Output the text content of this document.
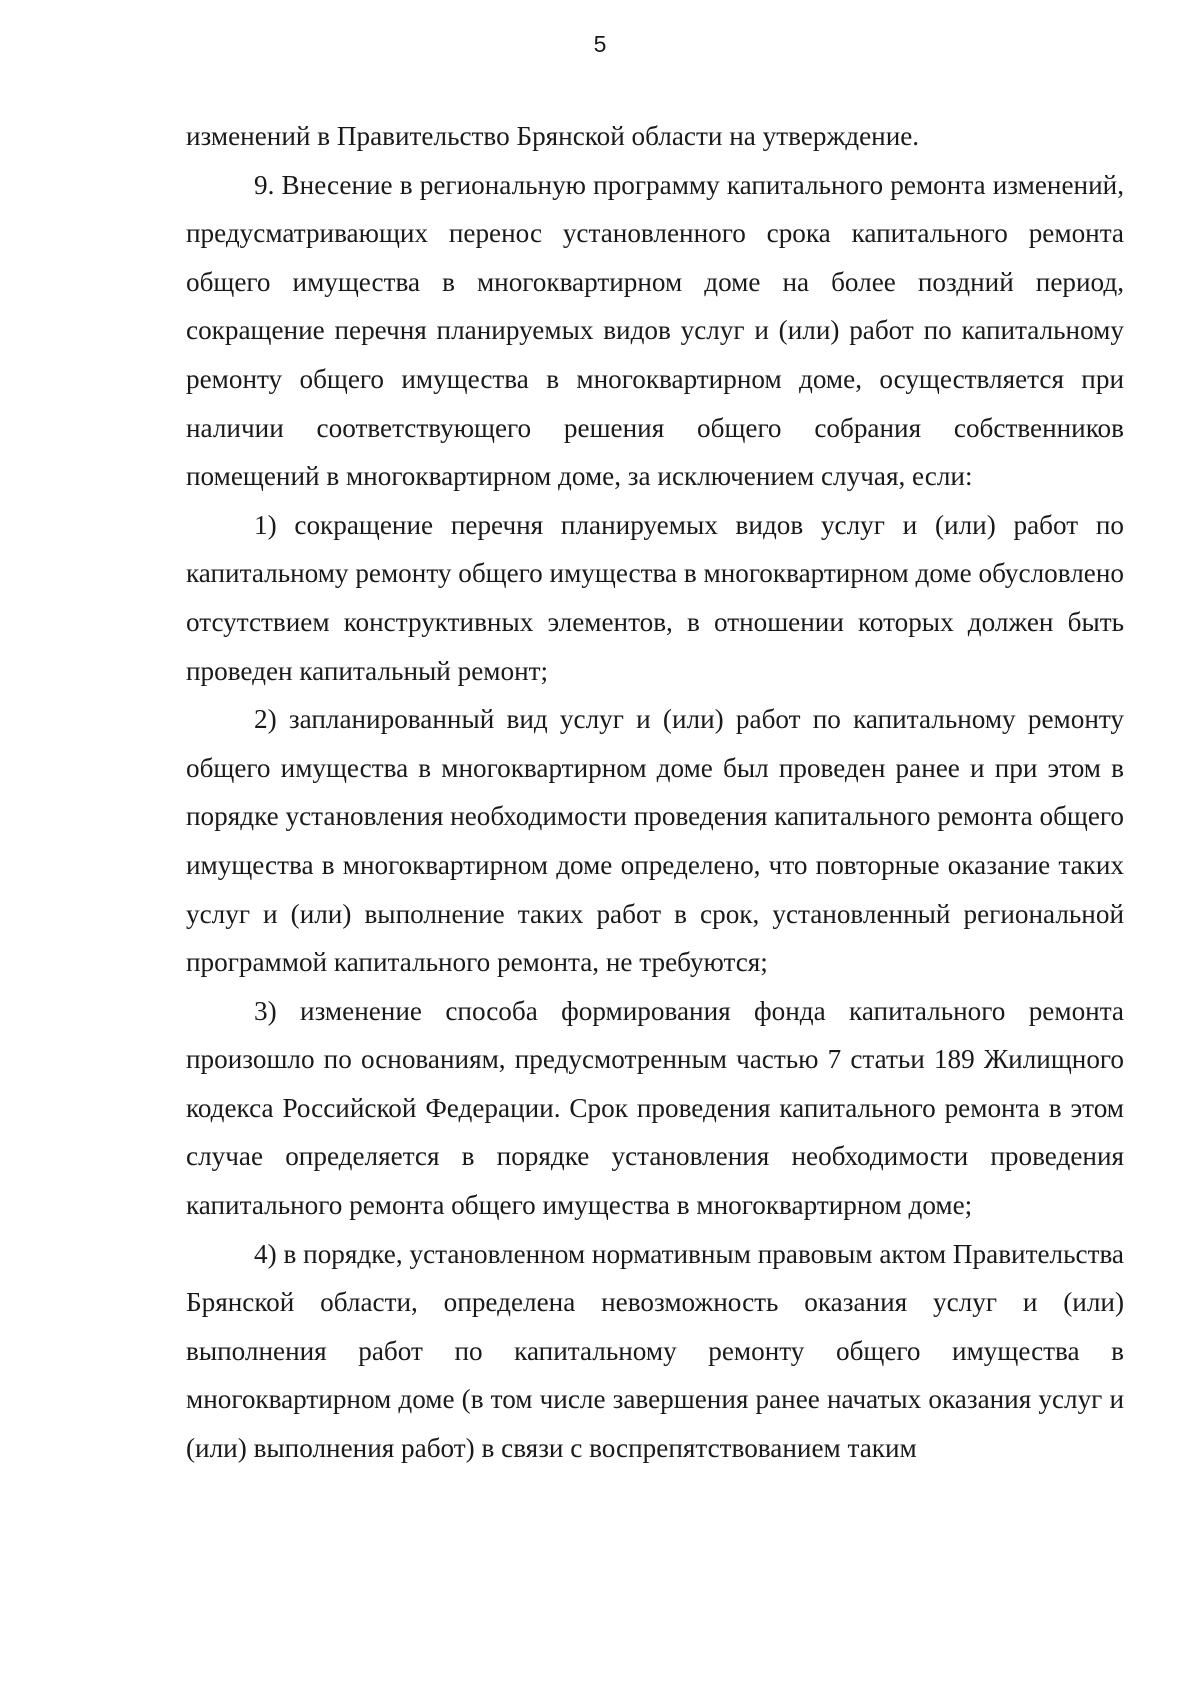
5

изменений в Правительство Брянской области на утверждение.

9. Внесение в региональную программу капитального ремонта изменений, предусматривающих перенос установленного срока капитального ремонта общего имущества в многоквартирном доме на более поздний период, сокращение перечня планируемых видов услуг и (или) работ по капитальному ремонту общего имущества в многоквартирном доме, осуществляется при наличии соответствующего решения общего собрания собственников помещений в многоквартирном доме, за исключением случая, если:

1) сокращение перечня планируемых видов услуг и (или) работ по капитальному ремонту общего имущества в многоквартирном доме обусловлено отсутствием конструктивных элементов, в отношении которых должен быть проведен капитальный ремонт;

2) запланированный вид услуг и (или) работ по капитальному ремонту общего имущества в многоквартирном доме был проведен ранее и при этом в порядке установления необходимости проведения капитального ремонта общего имущества в многоквартирном доме определено, что повторные оказание таких услуг и (или) выполнение таких работ в срок, установленный региональной программой капитального ремонта, не требуются;

3) изменение способа формирования фонда капитального ремонта произошло по основаниям, предусмотренным частью 7 статьи 189 Жилищного кодекса Российской Федерации. Срок проведения капитального ремонта в этом случае определяется в порядке установления необходимости проведения капитального ремонта общего имущества в многоквартирном доме;

4) в порядке, установленном нормативным правовым актом Правительства Брянской области, определена невозможность оказания услуг и (или) выполнения работ по капитальному ремонту общего имущества в многоквартирном доме (в том числе завершения ранее начатых оказания услуг и (или) выполнения работ) в связи с воспрепятствованием таким
